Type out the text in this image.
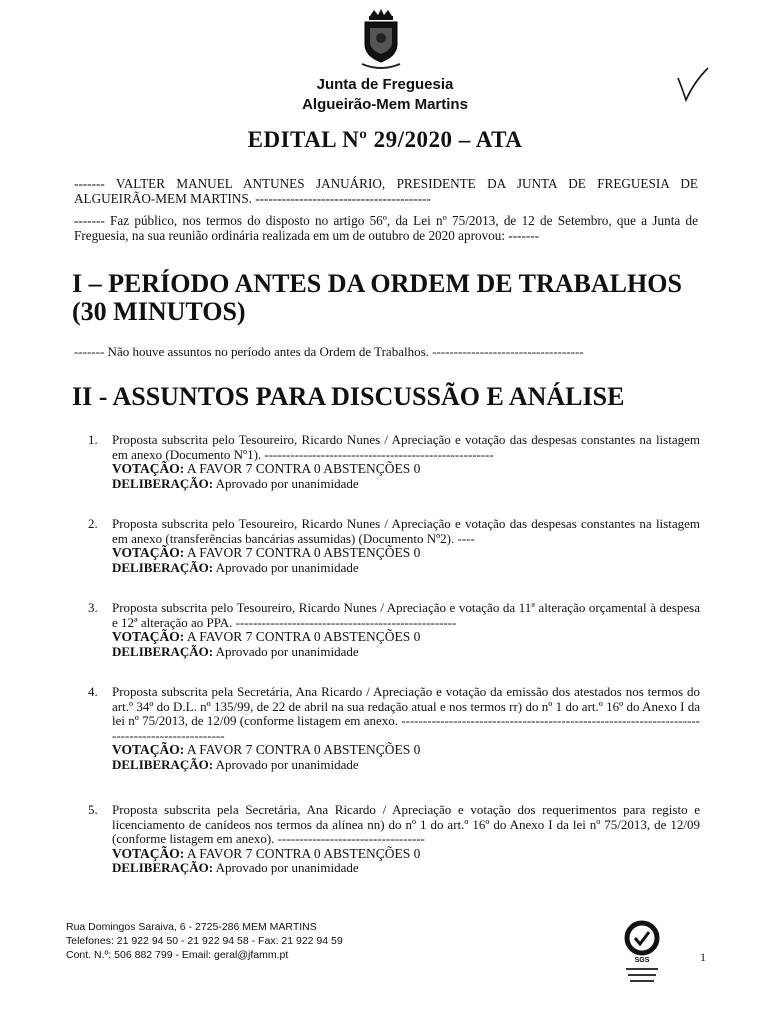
Junta de Freguesia
Algueirão-Mem Martins
EDITAL Nº 29/2020 – ATA
------- VALTER MANUEL ANTUNES JANUÁRIO, PRESIDENTE DA JUNTA DE FREGUESIA DE ALGUEIRÃO-MEM MARTINS. ----------------------------------------
------- Faz público, nos termos do disposto no artigo 56º, da Lei nº 75/2013, de 12 de Setembro, que a Junta de Freguesia, na sua reunião ordinária realizada em um de outubro de 2020 aprovou: -------
I – PERÍODO ANTES DA ORDEM DE TRABALHOS (30 MINUTOS)
------- Não houve assuntos no período antes da Ordem de Trabalhos. -----------------------------------
II - ASSUNTOS PARA DISCUSSÃO E ANÁLISE
1. Proposta subscrita pelo Tesoureiro, Ricardo Nunes / Apreciação e votação das despesas constantes na listagem em anexo (Documento Nº1). -----------------------------------------------------
VOTAÇÃO: A FAVOR 7 CONTRA 0 ABSTENÇÕES 0
DELIBERAÇÃO: Aprovado por unanimidade
2. Proposta subscrita pelo Tesoureiro, Ricardo Nunes / Apreciação e votação das despesas constantes na listagem em anexo (transferências bancárias assumidas) (Documento Nº2). ----
VOTAÇÃO: A FAVOR 7 CONTRA 0 ABSTENÇÕES 0
DELIBERAÇÃO: Aprovado por unanimidade
3. Proposta subscrita pelo Tesoureiro, Ricardo Nunes / Apreciação e votação da 11ª alteração orçamental à despesa e 12ª alteração ao PPA. ---------------------------------------------------
VOTAÇÃO: A FAVOR 7 CONTRA 0 ABSTENÇÕES 0
DELIBERAÇÃO: Aprovado por unanimidade
4. Proposta subscrita pela Secretária, Ana Ricardo / Apreciação e votação da emissão dos atestados nos termos do art.º 34º do D.L. nº 135/99, de 22 de abril na sua redação atual e nos termos rr) do nº 1 do art.º 16º do Anexo I da lei nº 75/2013, de 12/09 (conforme listagem em anexo. -----------------------------------------------------------------------------------------------
VOTAÇÃO: A FAVOR 7 CONTRA 0 ABSTENÇÕES 0
DELIBERAÇÃO: Aprovado por unanimidade
5. Proposta subscrita pela Secretária, Ana Ricardo / Apreciação e votação dos requerimentos para registo e licenciamento de canídeos nos termos da alínea nn) do nº 1 do art.º 16º do Anexo I da lei nº 75/2013, de 12/09 (conforme listagem em anexo). ----------------------------------
VOTAÇÃO: A FAVOR 7 CONTRA 0 ABSTENÇÕES 0
DELIBERAÇÃO: Aprovado por unanimidade
Rua Domingos Saraiva, 6 - 2725-286 MEM MARTINS
Telefones: 21 922 94 50 - 21 922 94 58 - Fax: 21 922 94 59
Cont. N.º: 506 882 799 - Email: geral@jfamm.pt	SGS	1
